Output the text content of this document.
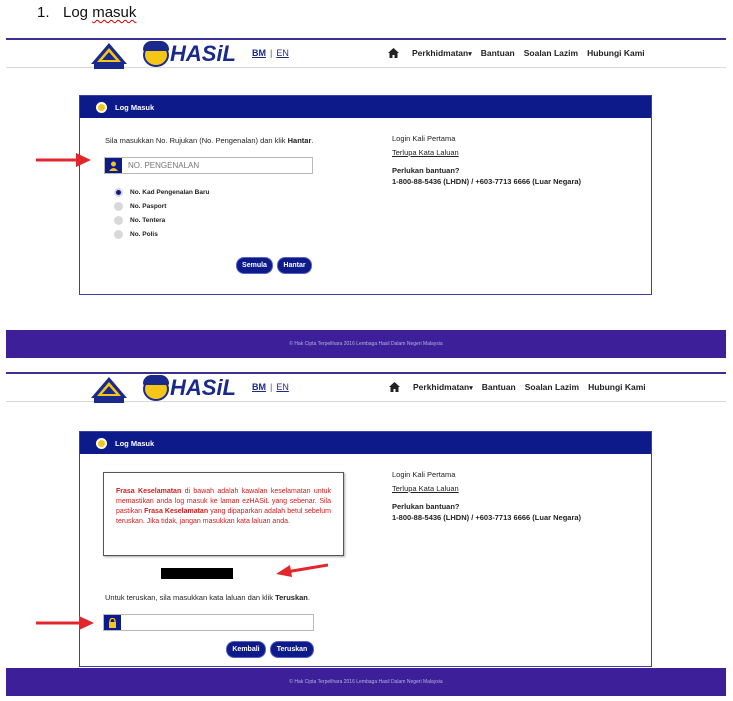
1. Log masuk
HASiL BM | EN	Perkhidmatan▾ Bantuan Soalan Lazim Hubungi Kami
Log Masuk
Sila masukkan No. Rujukan (No. Pengenalan) dan klik Hantar.
NO. PENGENALAN
No. Kad Pengenalan Baru
No. Pasport
No. Tentera
No. Polis
Semula	Hantar
Login Kali Pertama
Terlupa Kata Laluan
Perlukan bantuan?
1-800-88-5436 (LHDN) / +603-7713 6666 (Luar Negara)
© Hak Cipta Terpelihara 2016 Lembaga Hasil Dalam Negeri Malaysia
HASiL BM | EN	Perkhidmatan▾ Bantuan Soalan Lazim Hubungi Kami
Log Masuk

Frasa Keselamatan di bawah adalah kawalan keselamatan untuk memastikan anda log masuk ke laman ezHASiL yang sebenar. Sila pastikan Frasa Keselamatan yang dipaparkan adalah betul sebelum teruskan. Jika tidak, jangan masukkan kata laluan anda.

Untuk teruskan, sila masukkan kata laluan dan klik Teruskan.
Kembali	Teruskan
Login Kali Pertama
Terlupa Kata Laluan
Perlukan bantuan?
1-800-88-5436 (LHDN) / +603-7713 6666 (Luar Negara)
© Hak Cipta Terpelihara 2016 Lembaga Hasil Dalam Negeri Malaysia
